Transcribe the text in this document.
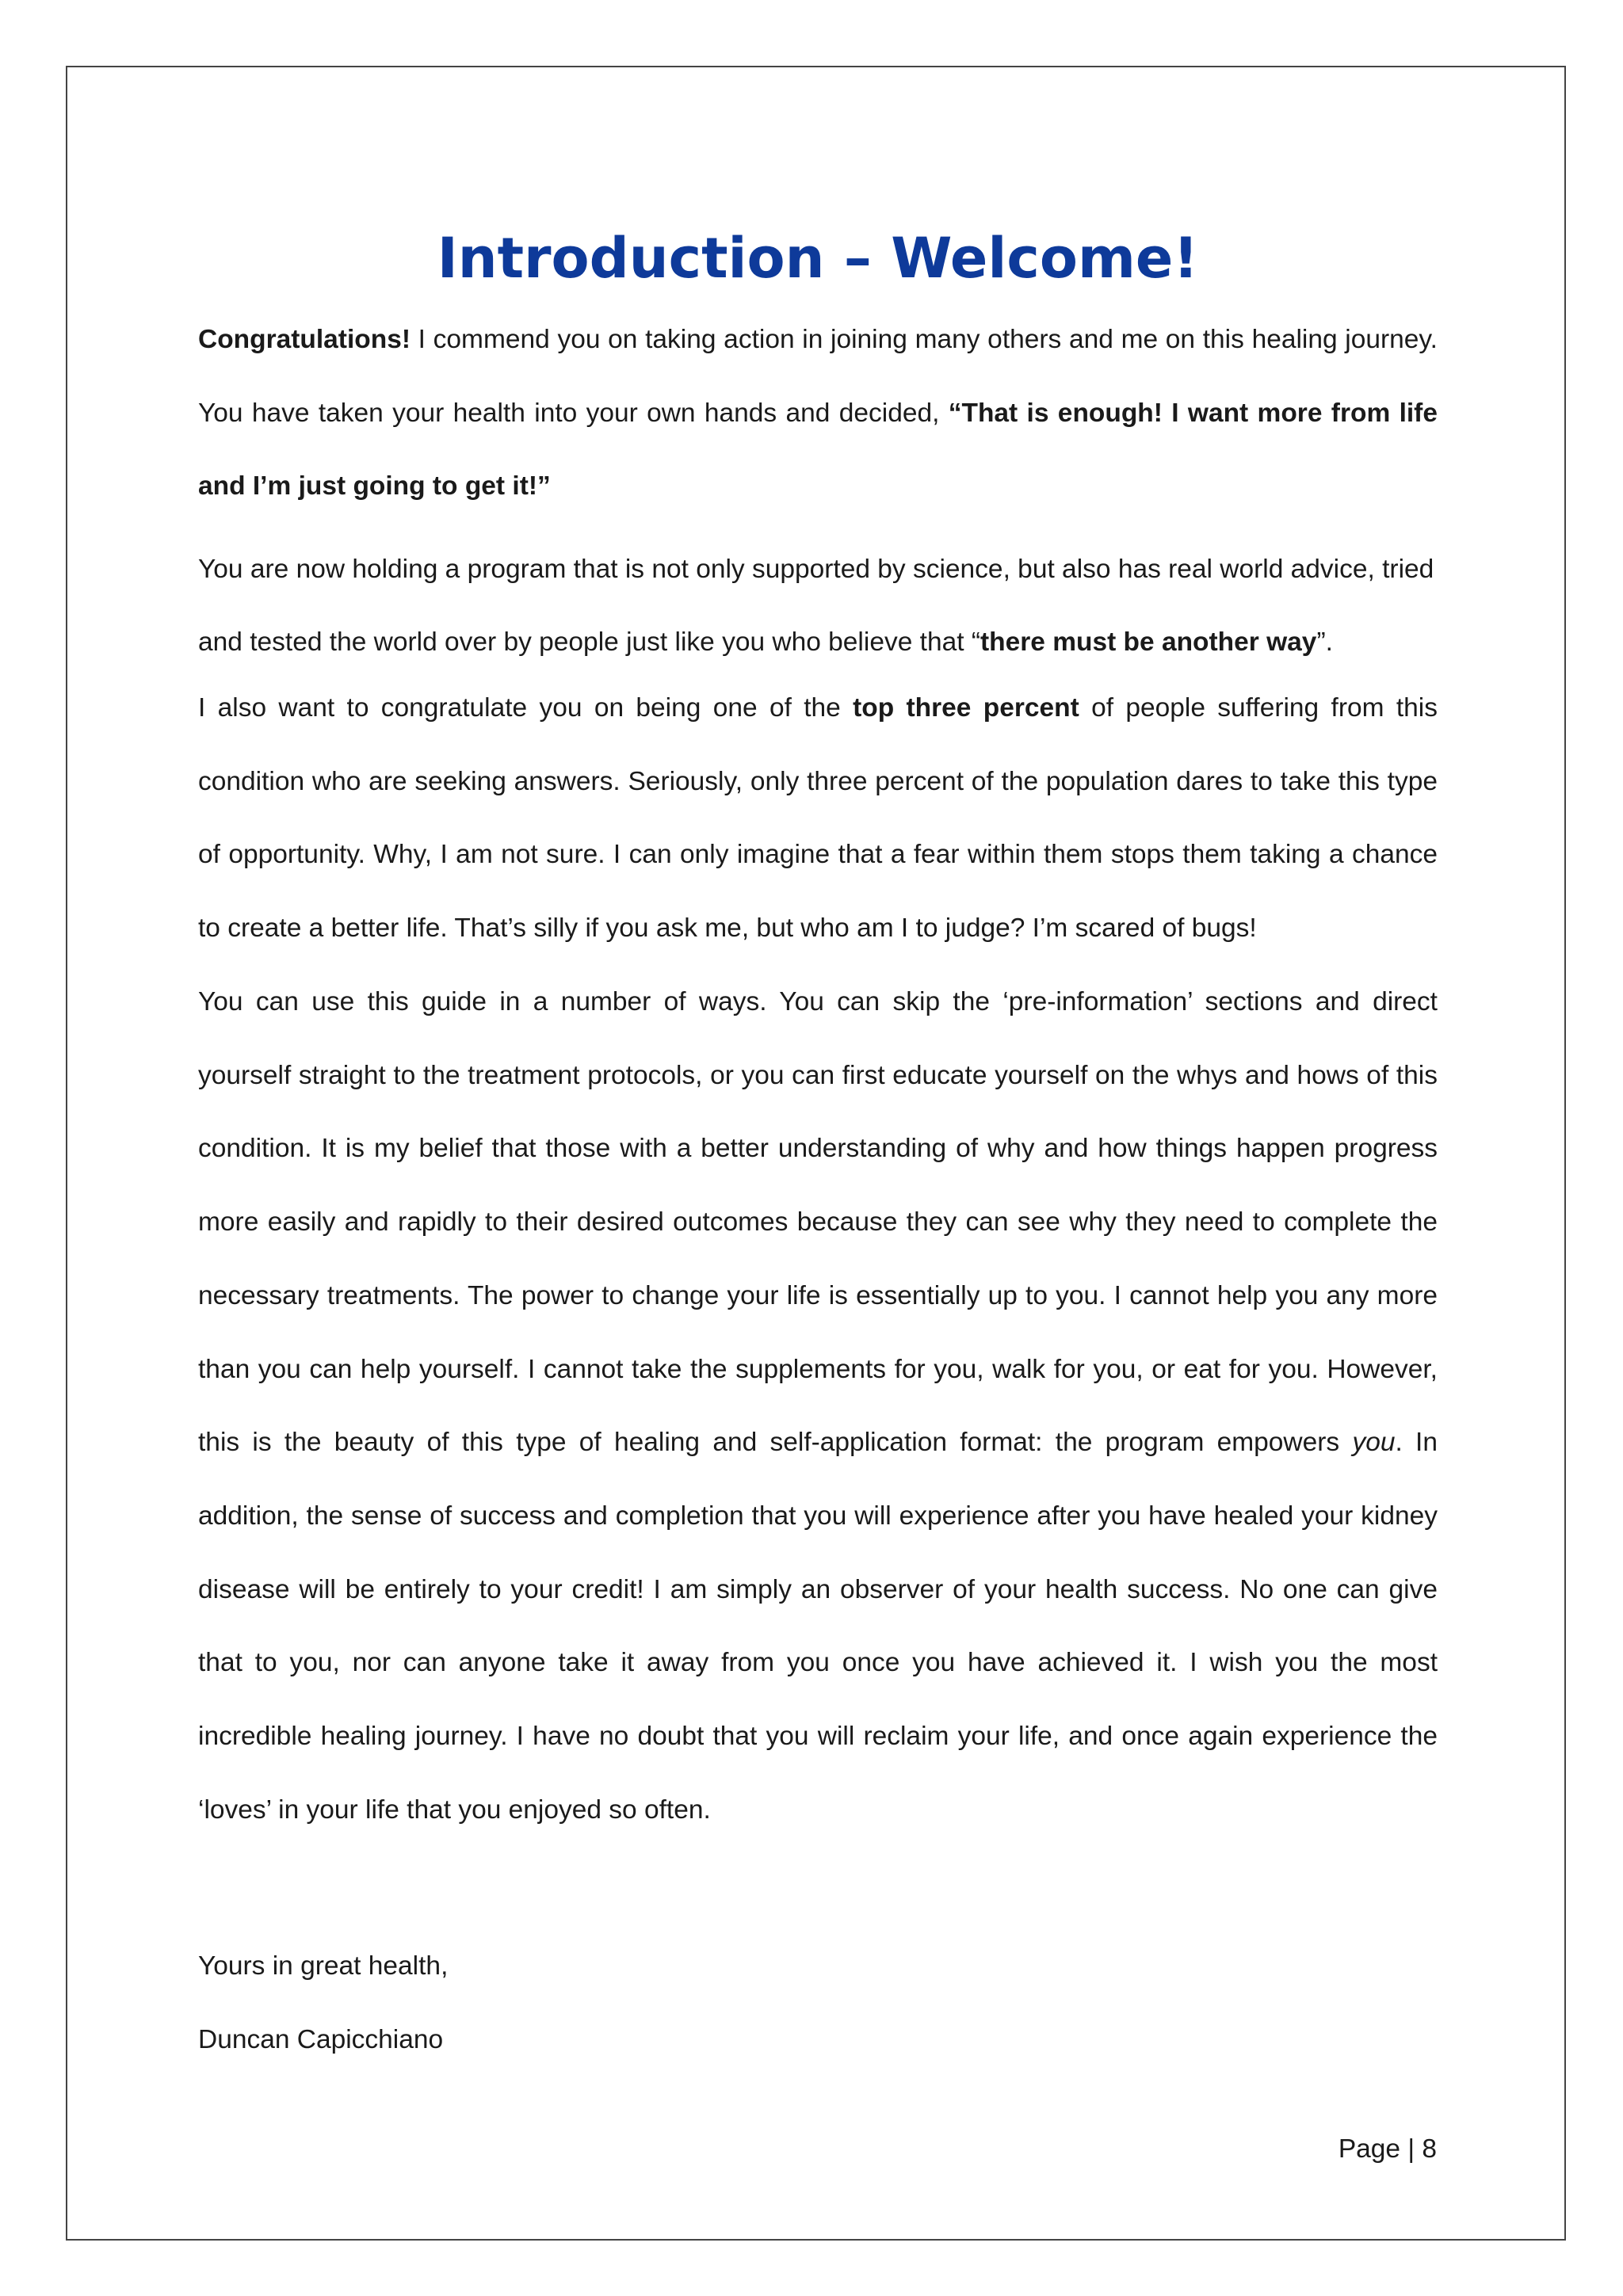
Introduction – Welcome!

Congratulations! I commend you on taking action in joining many others and me on this healing journey. You have taken your health into your own hands and decided, “That is enough! I want more from life and I’m just going to get it!”

You are now holding a program that is not only supported by science, but also has real world advice, tried and tested the world over by people just like you who believe that “there must be another way”.

I also want to congratulate you on being one of the top three percent of people suffering from this condition who are seeking answers. Seriously, only three percent of the population dares to take this type of opportunity. Why, I am not sure. I can only imagine that a fear within them stops them taking a chance to create a better life. That’s silly if you ask me, but who am I to judge? I’m scared of bugs!

You can use this guide in a number of ways. You can skip the ‘pre-information’ sections and direct yourself straight to the treatment protocols, or you can first educate yourself on the whys and hows of this condition. It is my belief that those with a better understanding of why and how things happen progress more easily and rapidly to their desired outcomes because they can see why they need to complete the necessary treatments. The power to change your life is essentially up to you. I cannot help you any more than you can help yourself. I cannot take the supplements for you, walk for you, or eat for you. However, this is the beauty of this type of healing and self-application format: the program empowers you. In addition, the sense of success and completion that you will experience after you have healed your kidney disease will be entirely to your credit! I am simply an observer of your health success. No one can give that to you, nor can anyone take it away from you once you have achieved it. I wish you the most incredible healing journey. I have no doubt that you will reclaim your life, and once again experience the ‘loves’ in your life that you enjoyed so often.

Yours in great health,

Duncan Capicchiano

Page | 8
